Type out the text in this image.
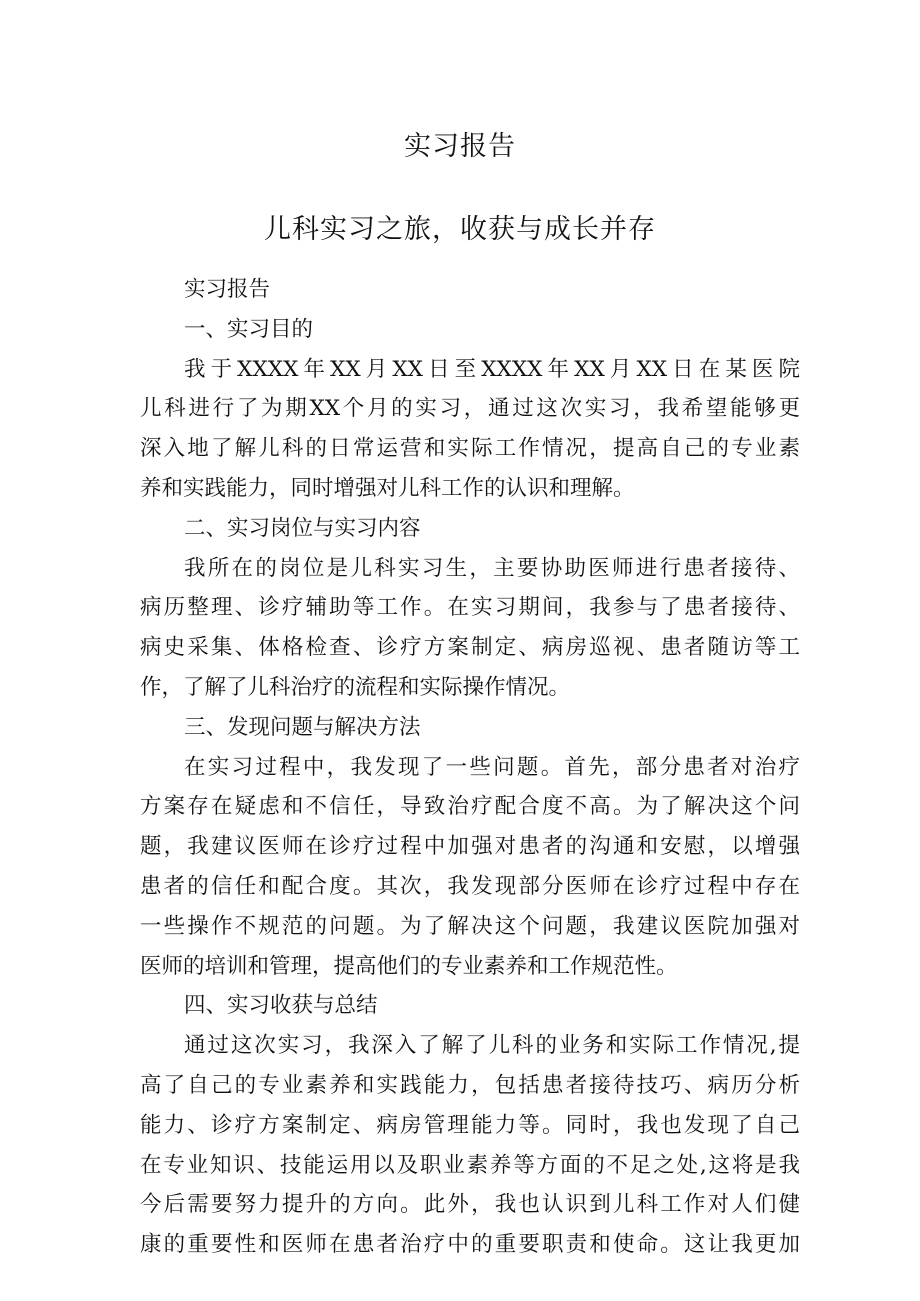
实习报告
儿科实习之旅，收获与成长并存
实习报告
一、实习目的
我于XXXX年XX月XX日至XXXX年XX月XX日在某医院
儿科进行了为期XX个月的实习，通过这次实习，我希望能够更
深入地了解儿科的日常运营和实际工作情况，提高自己的专业素
养和实践能力，同时增强对儿科工作的认识和理解。
二、实习岗位与实习内容
我所在的岗位是儿科实习生，主要协助医师进行患者接待、
病历整理、诊疗辅助等工作。在实习期间，我参与了患者接待、
病史采集、体格检查、诊疗方案制定、病房巡视、患者随访等工
作，了解了儿科治疗的流程和实际操作情况。
三、发现问题与解决方法
在实习过程中，我发现了一些问题。首先，部分患者对治疗
方案存在疑虑和不信任，导致治疗配合度不高。为了解决这个问
题，我建议医师在诊疗过程中加强对患者的沟通和安慰，以增强
患者的信任和配合度。其次，我发现部分医师在诊疗过程中存在
一些操作不规范的问题。为了解决这个问题，我建议医院加强对
医师的培训和管理，提高他们的专业素养和工作规范性。
四、实习收获与总结
通过这次实习，我深入了解了儿科的业务和实际工作情况,提
高了自己的专业素养和实践能力，包括患者接待技巧、病历分析
能力、诊疗方案制定、病房管理能力等。同时，我也发现了自己
在专业知识、技能运用以及职业素养等方面的不足之处,这将是我
今后需要努力提升的方向。此外，我也认识到儿科工作对人们健
康的重要性和医师在患者治疗中的重要职责和使命。这让我更加
